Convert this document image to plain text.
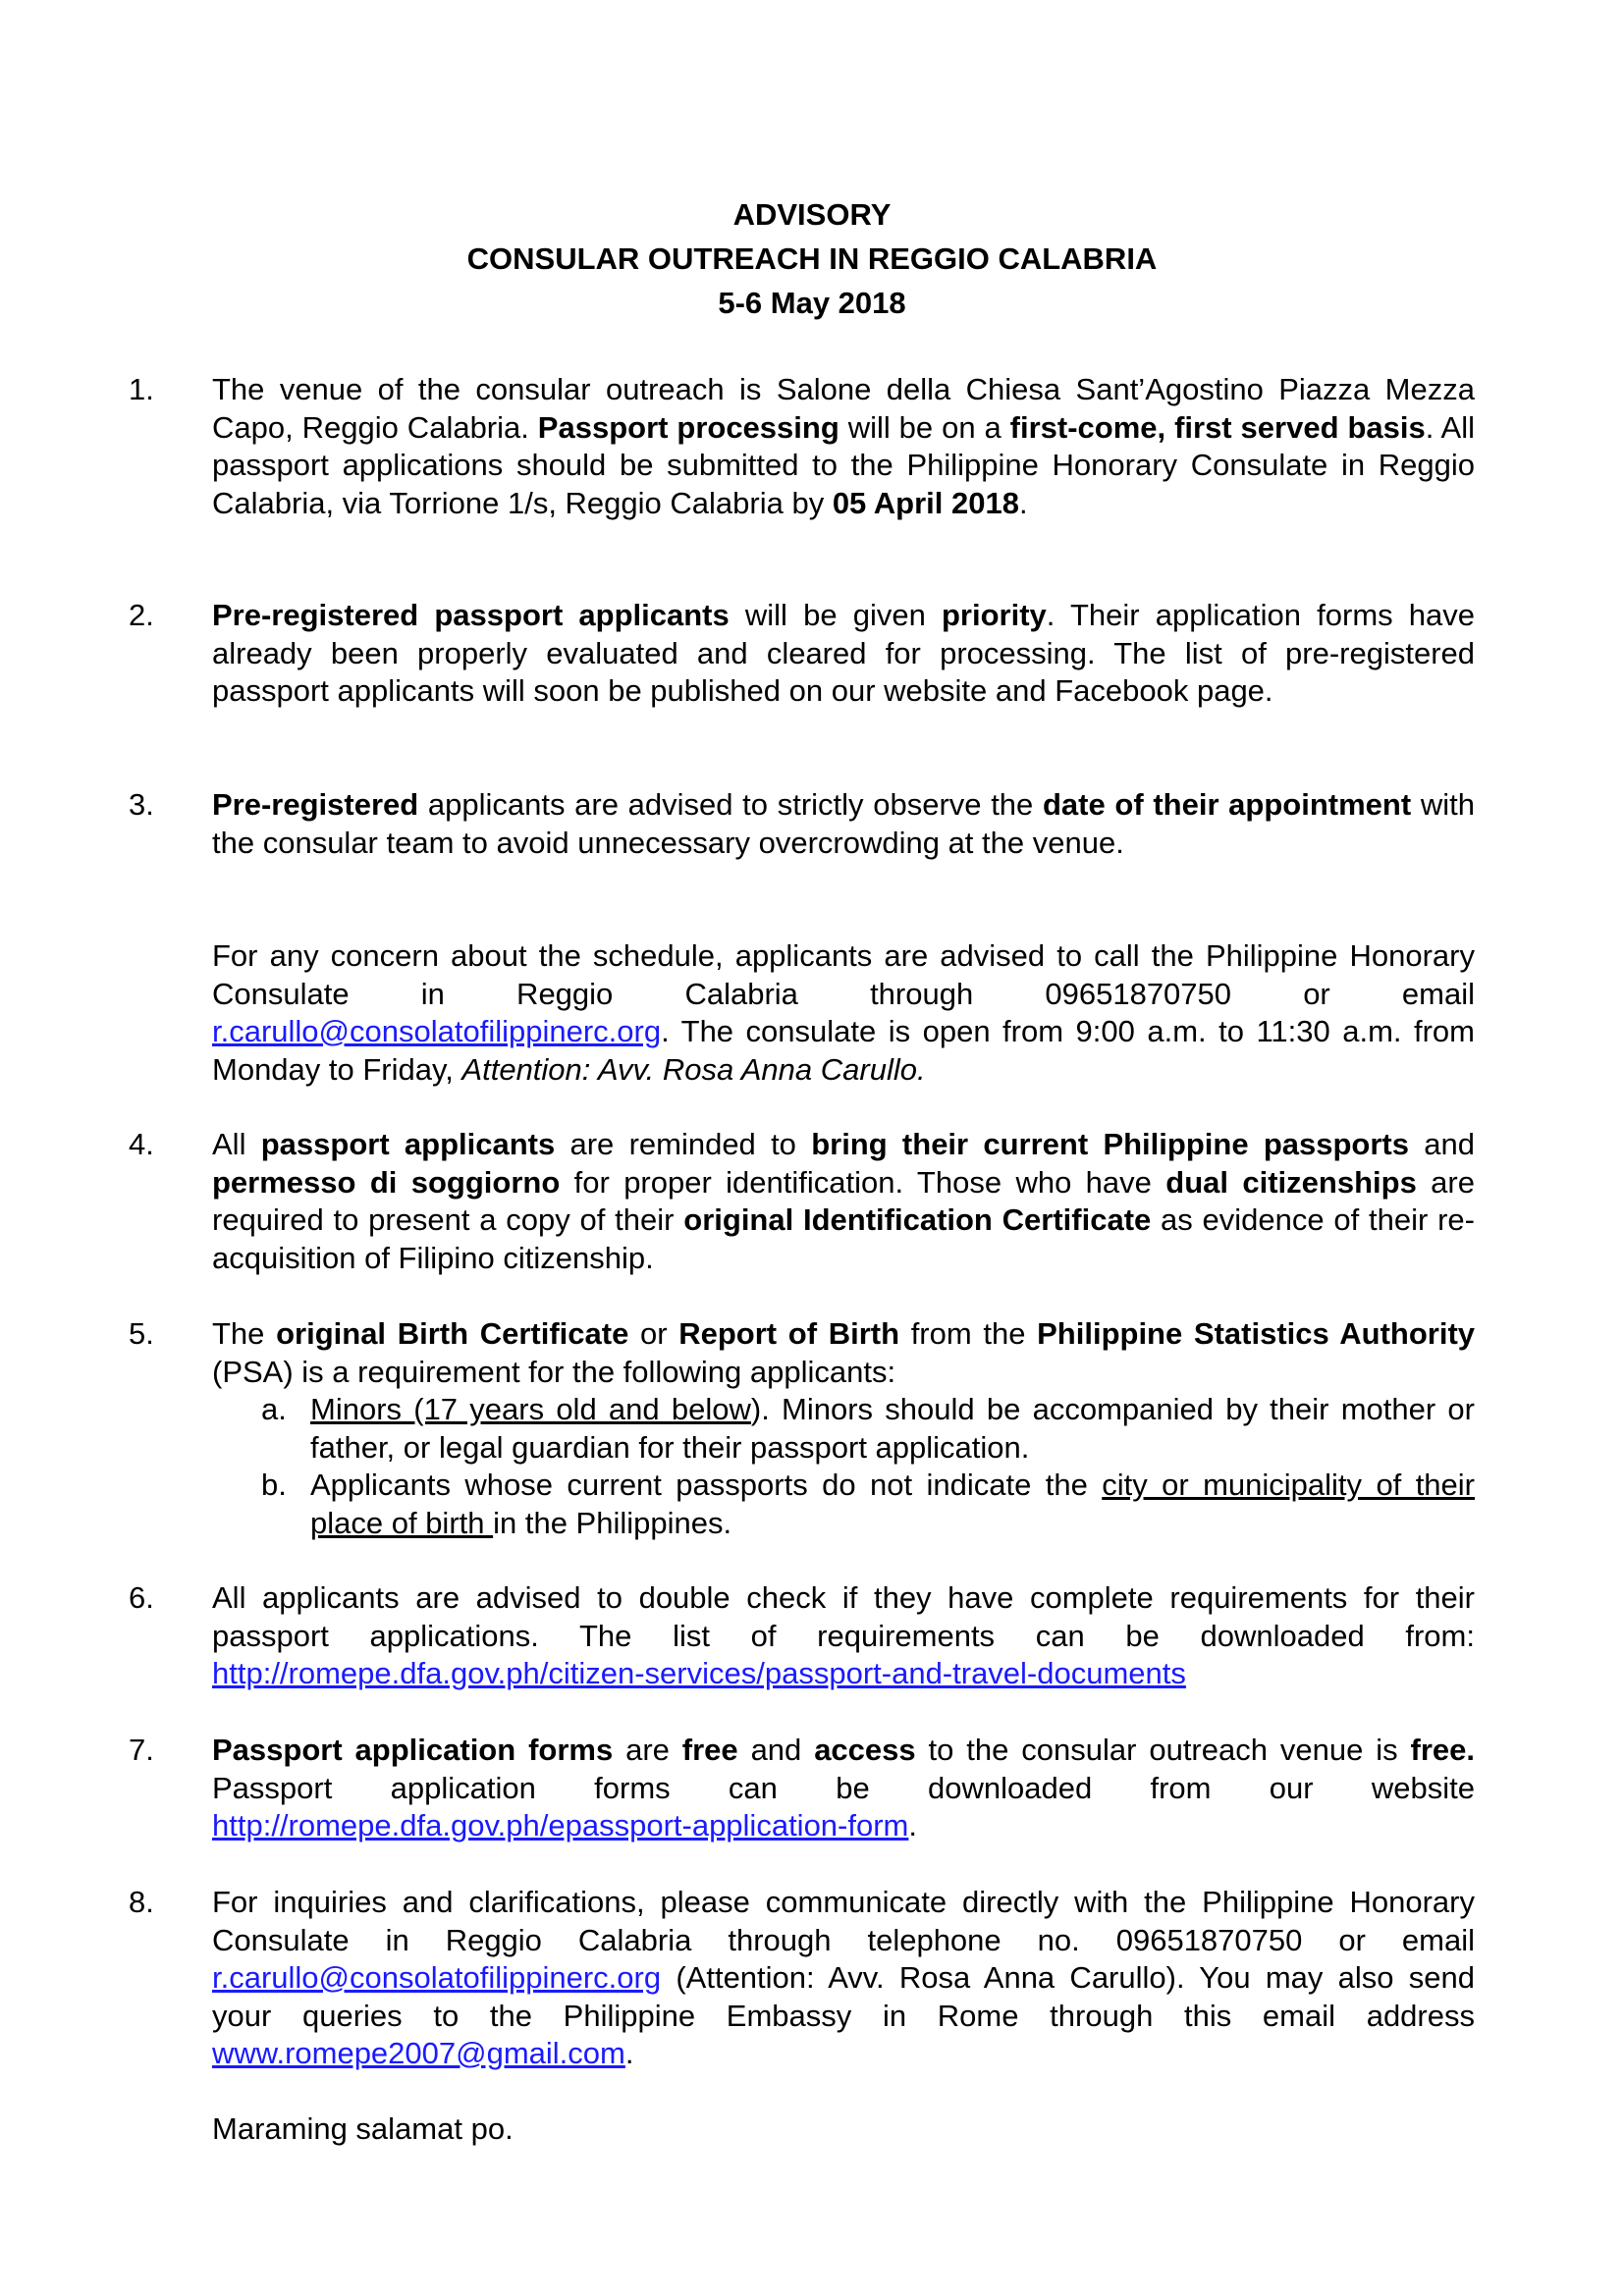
ADVISORY
CONSULAR OUTREACH IN REGGIO CALABRIA
5-6 May 2018
1. The venue of the consular outreach is Salone della Chiesa Sant’Agostino Piazza Mezza Capo, Reggio Calabria. Passport processing will be on a first-come, first served basis. All passport applications should be submitted to the Philippine Honorary Consulate in Reggio Calabria, via Torrione 1/s, Reggio Calabria by 05 April 2018.
2. Pre-registered passport applicants will be given priority. Their application forms have already been properly evaluated and cleared for processing. The list of pre-registered passport applicants will soon be published on our website and Facebook page.
3. Pre-registered applicants are advised to strictly observe the date of their appointment with the consular team to avoid unnecessary overcrowding at the venue.
For any concern about the schedule, applicants are advised to call the Philippine Honorary Consulate in Reggio Calabria through 09651870750 or email r.carullo@consolatofilippinerc.org. The consulate is open from 9:00 a.m. to 11:30 a.m. from Monday to Friday, Attention: Avv. Rosa Anna Carullo.
4. All passport applicants are reminded to bring their current Philippine passports and permesso di soggiorno for proper identification. Those who have dual citizenships are required to present a copy of their original Identification Certificate as evidence of their re-acquisition of Filipino citizenship.
5. The original Birth Certificate or Report of Birth from the Philippine Statistics Authority (PSA) is a requirement for the following applicants:
a. Minors (17 years old and below). Minors should be accompanied by their mother or father, or legal guardian for their passport application.
b. Applicants whose current passports do not indicate the city or municipality of their place of birth in the Philippines.
6. All applicants are advised to double check if they have complete requirements for their passport applications. The list of requirements can be downloaded from: http://romepe.dfa.gov.ph/citizen-services/passport-and-travel-documents
7. Passport application forms are free and access to the consular outreach venue is free. Passport application forms can be downloaded from our website http://romepe.dfa.gov.ph/epassport-application-form.
8. For inquiries and clarifications, please communicate directly with the Philippine Honorary Consulate in Reggio Calabria through telephone no. 09651870750 or email r.carullo@consolatofilippinerc.org (Attention: Avv. Rosa Anna Carullo). You may also send your queries to the Philippine Embassy in Rome through this email address www.romepe2007@gmail.com.
Maraming salamat po.
